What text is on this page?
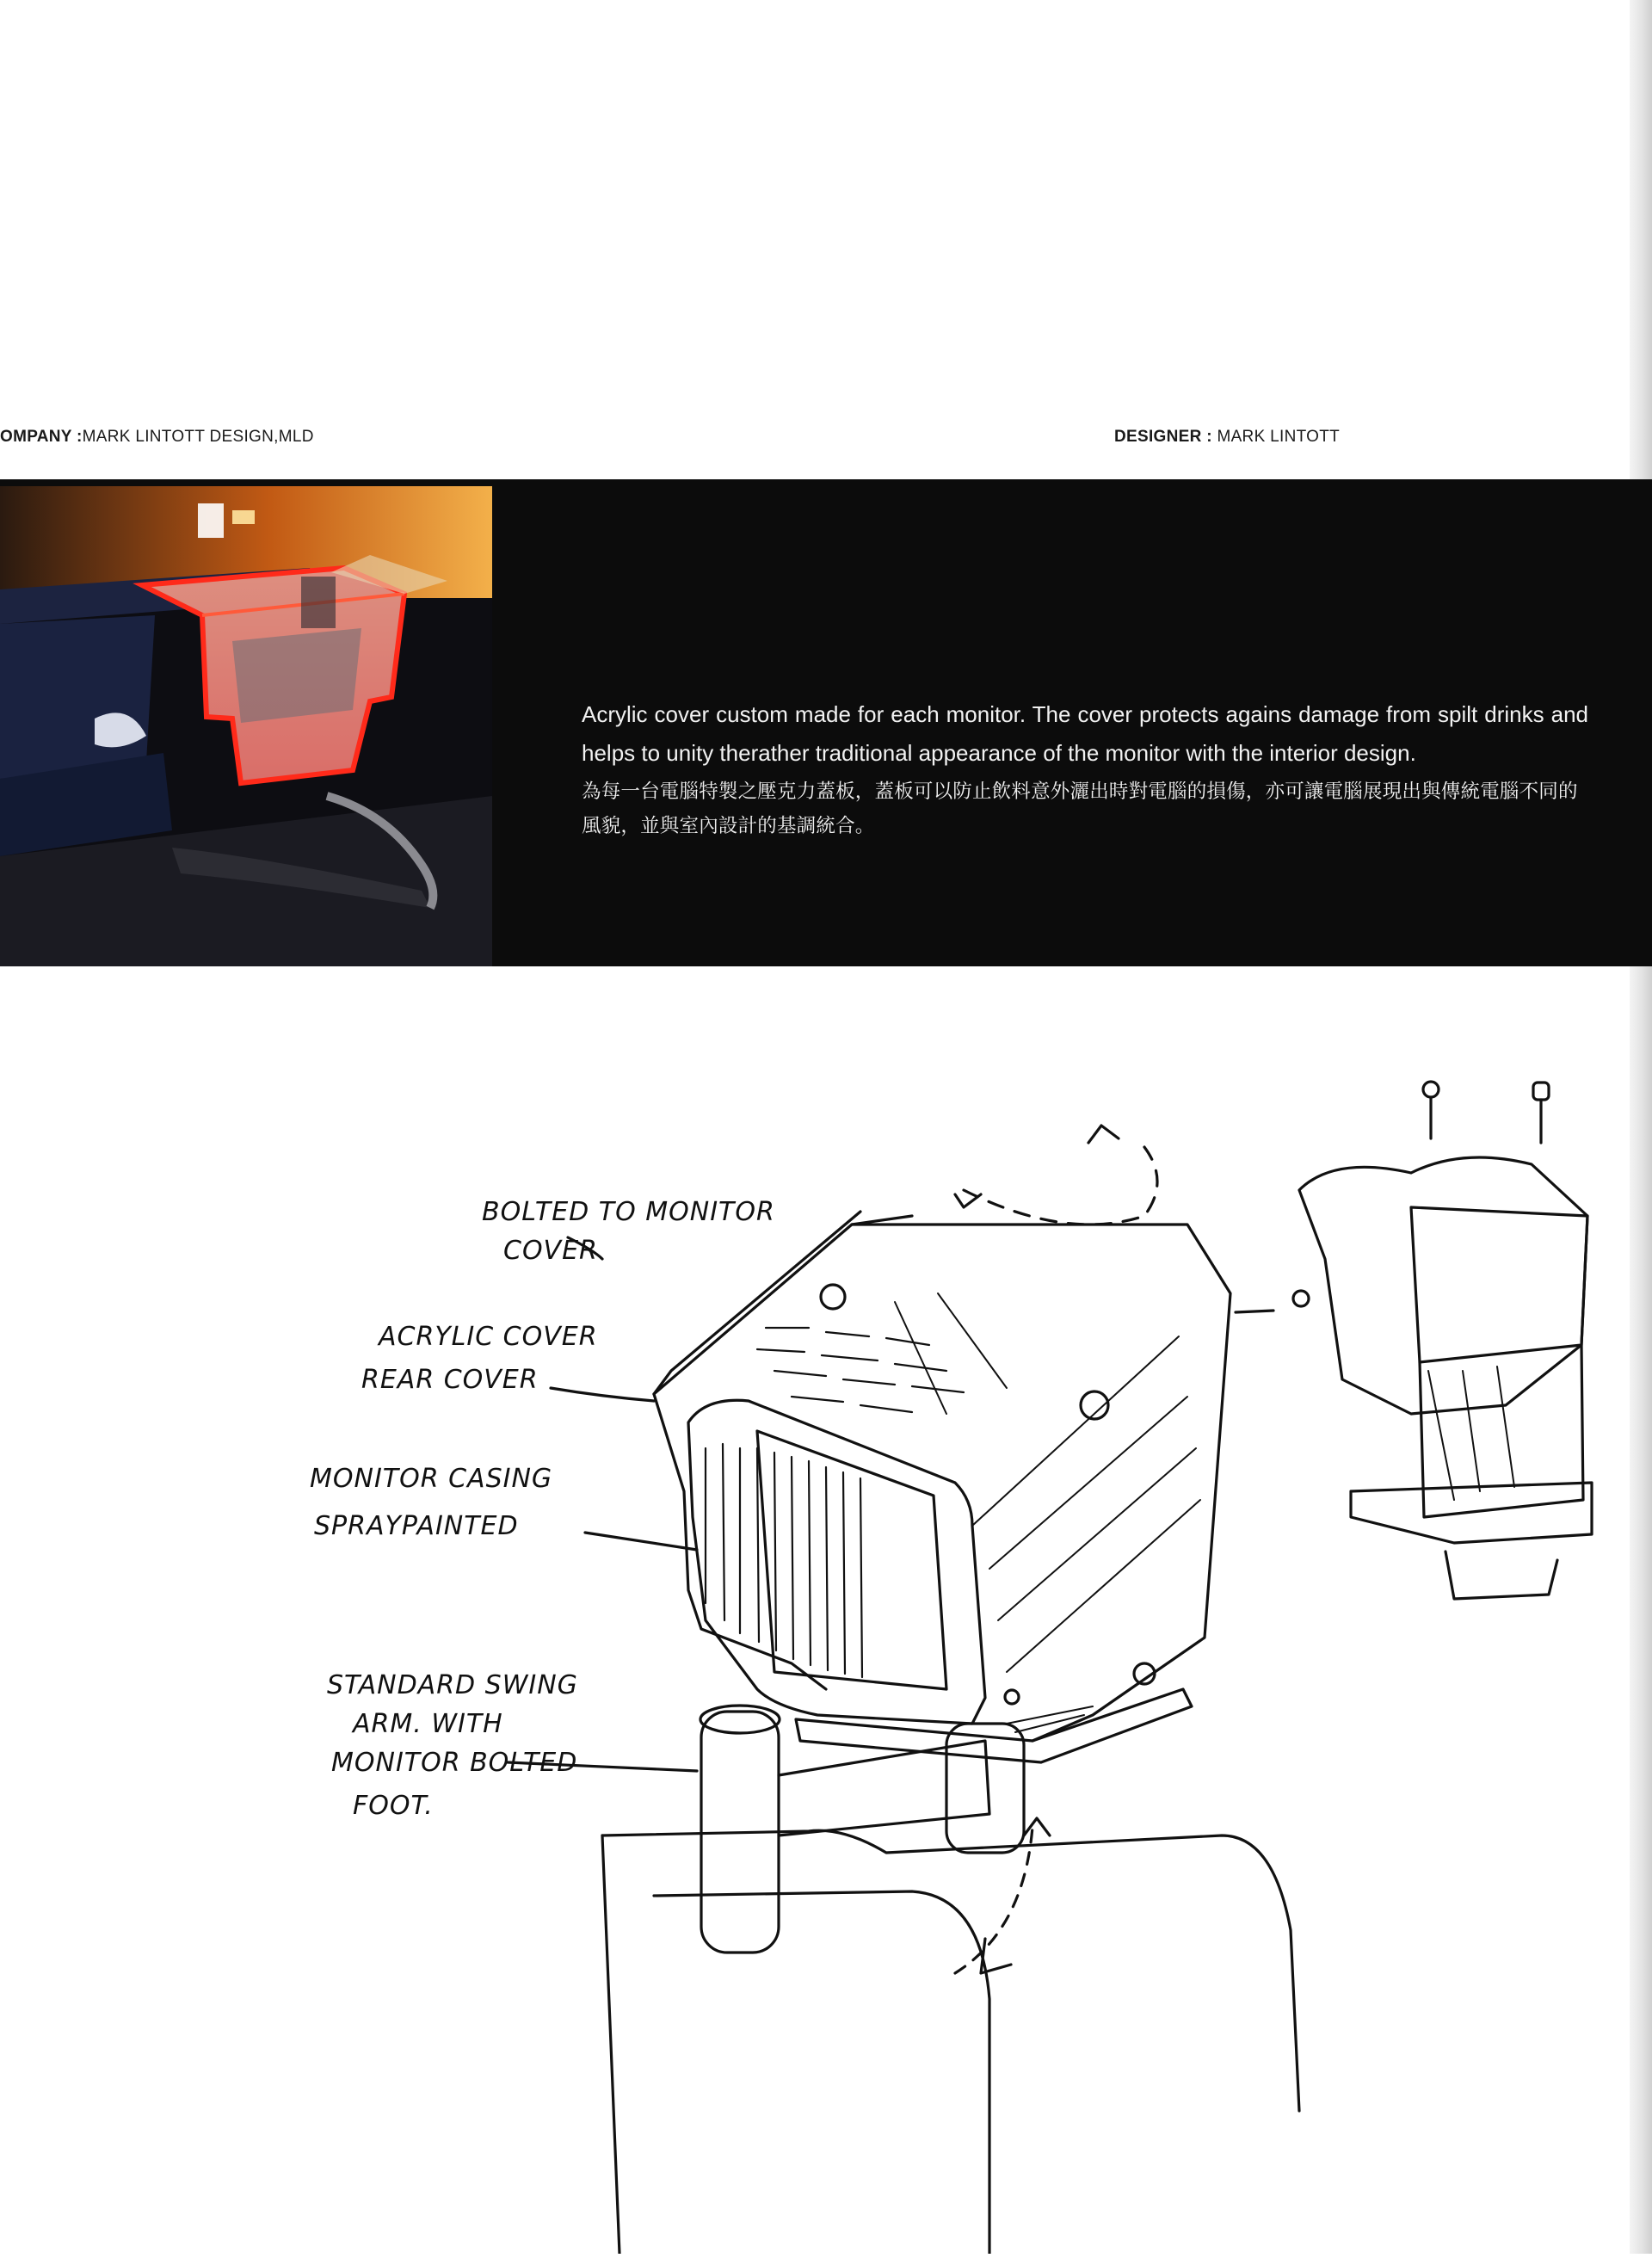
OMPANY :MARK LINTOTT DESIGN,MLD	DESIGNER : MARK LINTOTT

Acrylic cover custom made for each monitor. The cover protects agains damage from spilt drinks and helps to unity therather traditional appearance of the monitor with the interior design.

為每一台電腦特製之壓克力蓋板，蓋板可以防止飲料意外灑出時對電腦的損傷，亦可讓電腦展現出與傳統電腦不同的風貌，並與室內設計的基調統合。

BOLTED TO MONITOR
COVER
ACRYLIC COVER
REAR COVER
MONITOR CASING
SPRAYPAINTED
STANDARD SWING
ARM. WITH
MONITOR BOLTED
FOOT.
